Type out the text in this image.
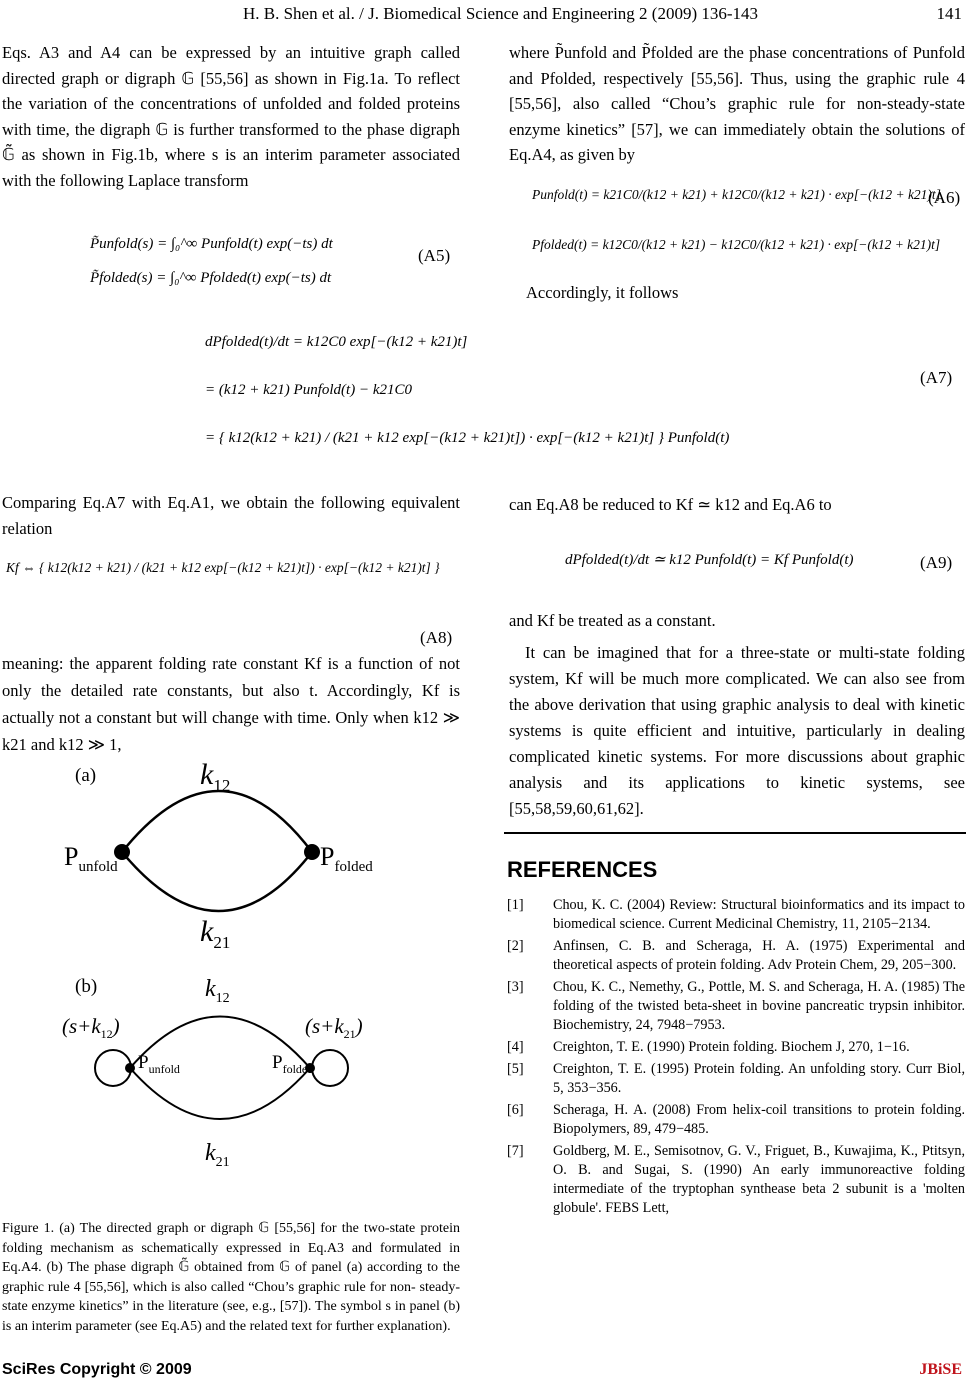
H. B. Shen et al. / J. Biomedical Science and Engineering 2 (2009) 136-143	141
Eqs. A3 and A4 can be expressed by an intuitive graph called directed graph or digraph 𝔾 [55,56] as shown in Fig.1a. To reflect the variation of the concentrations of unfolded and folded proteins with time, the digraph 𝔾 is further transformed to the phase digraph 𝔾̃ as shown in Fig.1b, where s is an interim parameter associated with the following Laplace transform
P̃unfold(s) = ∫₀^∞ Punfold(t) exp(−ts) dt
P̃folded(s) = ∫₀^∞ Pfolded(t) exp(−ts) dt
(A5)
where P̃unfold and P̃folded are the phase concentrations of Punfold and Pfolded, respectively [55,56]. Thus, using the graphic rule 4 [55,56], also called “Chou’s graphic rule for non-steady-state enzyme kinetics” [57], we can immediately obtain the solutions of Eq.A4, as given by
Punfold(t) = k21C0/(k12 + k21) + k12C0/(k12 + k21) · exp[−(k12 + k21)t]
Pfolded(t) = k12C0/(k12 + k21) − k12C0/(k12 + k21) · exp[−(k12 + k21)t]
(A6)
Accordingly, it follows
dPfolded(t)/dt = k12C0 exp[−(k12 + k21)t]
= (k12 + k21) Punfold(t) − k21C0
= { k12(k12 + k21) / (k21 + k12 exp[−(k12 + k21)t]) · exp[−(k12 + k21)t] } Punfold(t)
(A7)
Comparing Eq.A7 with Eq.A1, we obtain the following equivalent relation
Kf ⇔ { k12(k12 + k21) / (k21 + k12 exp[−(k12 + k21)t]) · exp[−(k12 + k21)t] }
(A8)
meaning: the apparent folding rate constant Kf is a function of not only the detailed rate constants, but also t. Accordingly, Kf is actually not a constant but will change with time. Only when k12 ≫ k21 and k12 ≫ 1,
can Eq.A8 be reduced to Kf ≃ k12 and Eq.A6 to
dPfolded(t)/dt ≃ k12 Punfold(t) = Kf Punfold(t)	(A9)
and Kf be treated as a constant.
It can be imagined that for a three-state or multi-state folding system, Kf will be much more complicated. We can also see from the above derivation that using graphic analysis to deal with kinetic systems is quite efficient and intuitive, particularly in dealing complicated kinetic systems. For more discussions about graphic analysis and its applications to kinetic systems, see [55,58,59,60,61,62].
REFERENCES
[1]	Chou, K. C. (2004) Review: Structural bioinformatics and its impact to biomedical science. Current Medicinal Chemistry, 11, 2105−2134.
[2]	Anfinsen, C. B. and Scheraga, H. A. (1975) Experimental and theoretical aspects of protein folding. Adv Protein Chem, 29, 205−300.
[3]	Chou, K. C., Nemethy, G., Pottle, M. S. and Scheraga, H. A. (1985) The folding of the twisted beta-sheet in bovine pancreatic trypsin inhibitor. Biochemistry, 24, 7948−7953.
[4]	Creighton, T. E. (1990) Protein folding. Biochem J, 270, 1−16.
[5]	Creighton, T. E. (1995) Protein folding. An unfolding story. Curr Biol, 5, 353−356.
[6]	Scheraga, H. A. (2008) From helix-coil transitions to protein folding. Biopolymers, 89, 479−485.
[7]	Goldberg, M. E., Semisotnov, G. V., Friguet, B., Kuwajima, K., Ptitsyn, O. B. and Sugai, S. (1990) An early immunoreactive folding intermediate of the tryptophan synthease beta 2 subunit is a 'molten globule'. FEBS Lett,
(a)	$k_{12}$
$k_{21}$
$P_{unfold}$	$P_{folded}$
(b)	$k_{12}$
$k_{21}$
$(s+k_{12})$	$(s+k_{21})$
$P_{unfold}$	$P_{folded}$
Figure 1. (a) The directed graph or digraph 𝔾 [55,56] for the two-state protein folding mechanism as schematically expressed in Eq.A3 and formulated in Eq.A4. (b) The phase digraph 𝔾̃ obtained from 𝔾 of panel (a) according to the graphic rule 4 [55,56], which is also called “Chou’s graphic rule for non- steady-state enzyme kinetics” in the literature (see, e.g., [57]). The symbol s in panel (b) is an interim parameter (see Eq.A5) and the related text for further explanation).
SciRes Copyright © 2009	JBiSE
